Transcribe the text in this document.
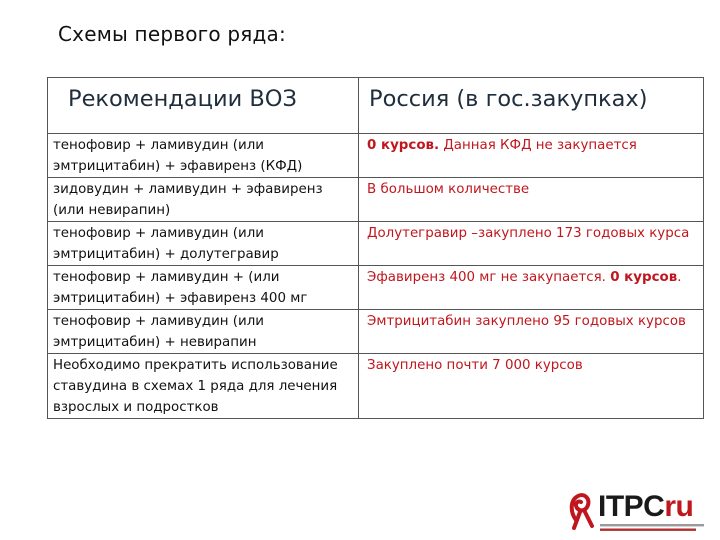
Схемы первого ряда:
Рекомендации ВОЗ	Россия (в гос.закупках)
тенофовир + ламивудин (или эмтрицитабин) + эфавиренз (КФД)	0 курсов. Данная КФД не закупается
зидовудин + ламивудин + эфавиренз (или невирапин)	В большом количестве
тенофовир + ламивудин (или эмтрицитабин) + долутегравир	Долутегравир –закуплено 173 годовых курса
тенофовир + ламивудин + (или эмтрицитабин) + эфавиренз 400 мг	Эфавиренз 400 мг не закупается. 0 курсов.
тенофовир + ламивудин (или эмтрицитабин) + невирапин	Эмтрицитабин закуплено 95 годовых курсов
Необходимо прекратить использование ставудина в схемах 1 ряда для лечения взрослых и подростков	Закуплено почти 7 000 курсов
ITPCru
